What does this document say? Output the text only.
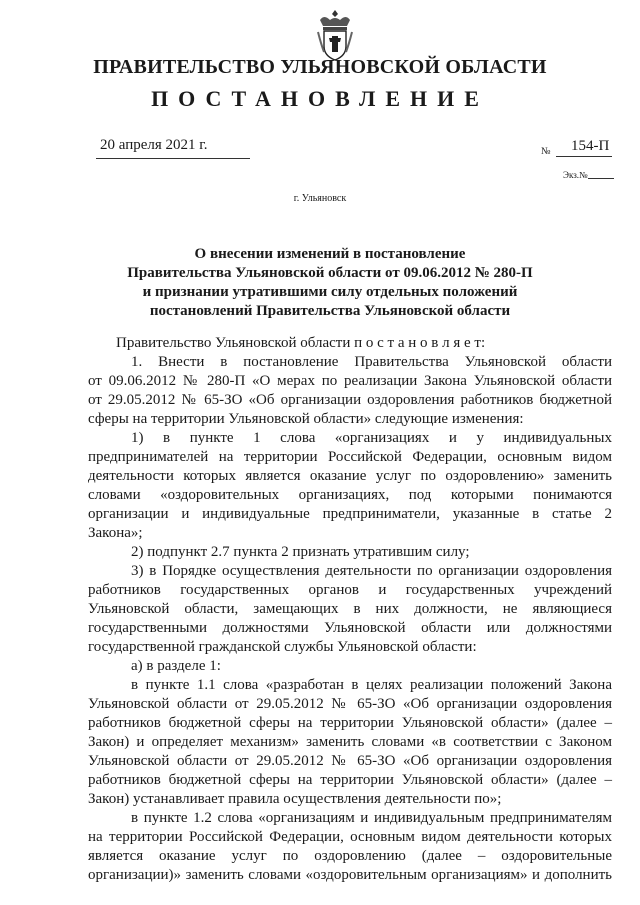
ПРАВИТЕЛЬСТВО УЛЬЯНОВСКОЙ ОБЛАСТИ
ПОСТАНОВЛЕНИЕ
20 апреля 2021 г.	№ 154-П
Экз.№
г. Ульяновск
О внесении изменений в постановление
Правительства Ульяновской области от 09.06.2012 № 280-П
и признании утратившими силу отдельных положений
постановлений Правительства Ульяновской области
Правительство Ульяновской области п о с т а н о в л я е т:
1. Внести в постановление Правительства Ульяновской области
от 09.06.2012 № 280-П «О мерах по реализации Закона Ульяновской области
от 29.05.2012 № 65-ЗО «Об организации оздоровления работников бюджетной
сферы на территории Ульяновской области» следующие изменения:
1) в пункте 1 слова «организациях и у индивидуальных
предпринимателей на территории Российской Федерации, основным видом
деятельности которых является оказание услуг по оздоровлению» заменить
словами «оздоровительных организациях, под которыми понимаются
организации и индивидуальные предприниматели, указанные в статье 2
Закона»;
2) подпункт 2.7 пункта 2 признать утратившим силу;
3) в Порядке осуществления деятельности по организации оздоровления
работников государственных органов и государственных учреждений
Ульяновской области, замещающих в них должности, не являющиеся
государственными должностями Ульяновской области или должностями
государственной гражданской службы Ульяновской области:
а) в разделе 1:
в пункте 1.1 слова «разработан в целях реализации положений Закона
Ульяновской области от 29.05.2012 № 65-ЗО «Об организации оздоровления
работников бюджетной сферы на территории Ульяновской области» (далее –
Закон) и определяет механизм» заменить словами «в соответствии с Законом
Ульяновской области от 29.05.2012 № 65-ЗО «Об организации оздоровления
работников бюджетной сферы на территории Ульяновской области» (далее –
Закон) устанавливает правила осуществления деятельности по»;
в пункте 1.2 слова «организациям и индивидуальным предпринимателям
на территории Российской Федерации, основным видом деятельности которых
является оказание услуг по оздоровлению (далее – оздоровительные
организации)» заменить словами «оздоровительным организациям» и дополнить
